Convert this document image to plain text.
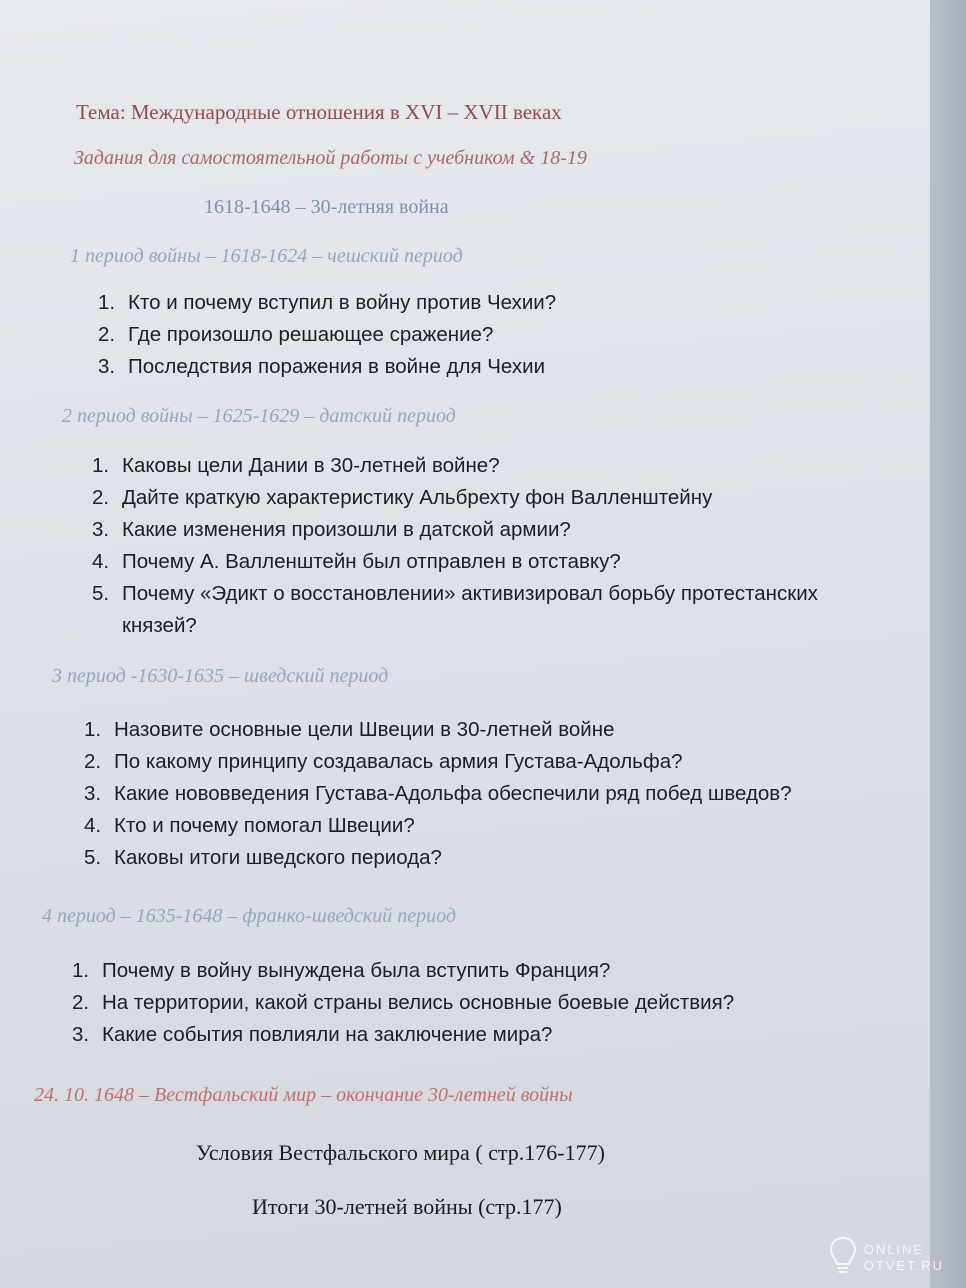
Тема: Международные отношения в XVI – XVII веках
Задания для самостоятельной работы с учебником & 18-19
1618-1648 – 30-летняя война
1 период войны – 1618-1624 – чешский период
1. Кто и почему вступил в войну против Чехии?
2. Где произошло решающее сражение?
3. Последствия поражения в войне для Чехии
2 период войны – 1625-1629 – датский период
1. Каковы цели Дании в 30-летней войне?
2. Дайте краткую характеристику Альбрехту фон Валленштейну
3. Какие изменения произошли в датской армии?
4. Почему А. Валленштейн был отправлен в отставку?
5. Почему «Эдикт о восстановлении» активизировал борьбу протестанских
князей?
3 период -1630-1635 – шведский период
1. Назовите основные цели Швеции в 30-летней войне
2. По какому принципу создавалась армия Густава-Адольфа?
3. Какие нововведения Густава-Адольфа обеспечили ряд побед шведов?
4. Кто и почему помогал Швеции?
5. Каковы итоги шведского периода?
4 период – 1635-1648 – франко-шведский период
1. Почему в войну вынуждена была вступить Франция?
2. На территории, какой страны велись основные боевые действия?
3. Какие события повлияли на заключение мира?
24. 10. 1648 – Вестфальский мир – окончание 30-летней войны
Условия Вестфальского мира ( стр.176-177)
Итоги 30-летней войны (стр.177)
ONLINE
OTVET.RU
